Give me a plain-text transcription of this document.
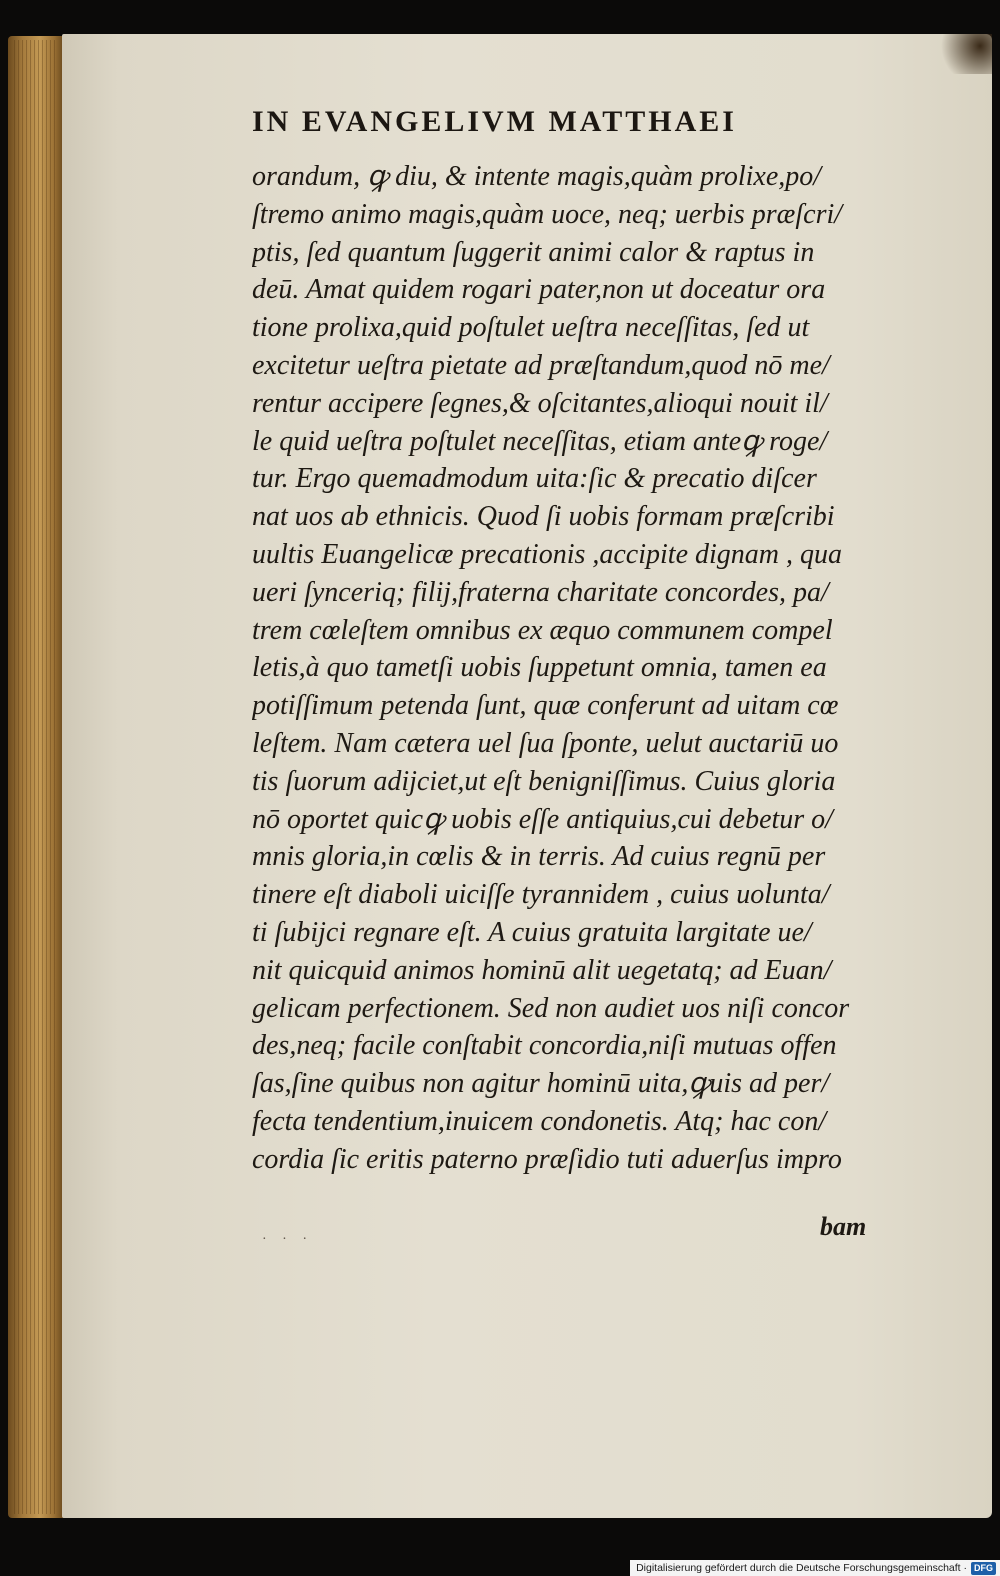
IN EVANGELIVM MATTHAEI
orandum, ꝙ diu, & intente magis,quàm prolixe,po/
ſtremo animo magis,quàm uoce, neq; uerbis præſcri/
ptis, ſed quantum ſuggerit animi calor & raptus in
deū. Amat quidem rogari pater,non ut doceatur ora
tione prolixa,quid poſtulet ueſtra neceſſitas, ſed ut
excitetur ueſtra pietate ad præſtandum,quod nō me/
rentur accipere ſegnes,& oſcitantes,alioqui nouit il/
le quid ueſtra poſtulet neceſſitas, etiam anteꝙ roge/
tur. Ergo quemadmodum uita:ſic & precatio diſcer
nat uos ab ethnicis. Quod ſi uobis formam præſcribi
uultis Euangelicæ precationis ,accipite dignam , qua
ueri ſynceriq; filij,fraterna charitate concordes, pa/
trem cœleſtem omnibus ex æquo communem compel
letis,à quo tametſi uobis ſuppetunt omnia, tamen ea
potiſſimum petenda ſunt, quæ conferunt ad uitam cœ
leſtem. Nam cætera uel ſua ſponte, uelut auctariū uo
tis ſuorum adijciet,ut eſt benigniſſimus. Cuius gloria
nō oportet quicꝙ uobis eſſe antiquius,cui debetur o/
mnis gloria,in cœlis & in terris. Ad cuius regnū per
tinere eſt diaboli uiciſſe tyrannidem , cuius uolunta/
ti ſubijci regnare eſt. A cuius gratuita largitate ue/
nit quicquid animos hominū alit uegetatq; ad Euan/
gelicam perfectionem. Sed non audiet uos niſi concor
des,neq; facile conſtabit concordia,niſi mutuas offen
ſas,ſine quibus non agitur hominū uita,ꝙuis ad per/
fecta tendentium,inuicem condonetis. Atq; hac con/
cordia ſic eritis paterno præſidio tuti aduerſus impro
· · ·	bam
Digitalisierung gefördert durch die Deutsche Forschungsgemeinschaft · DFG
